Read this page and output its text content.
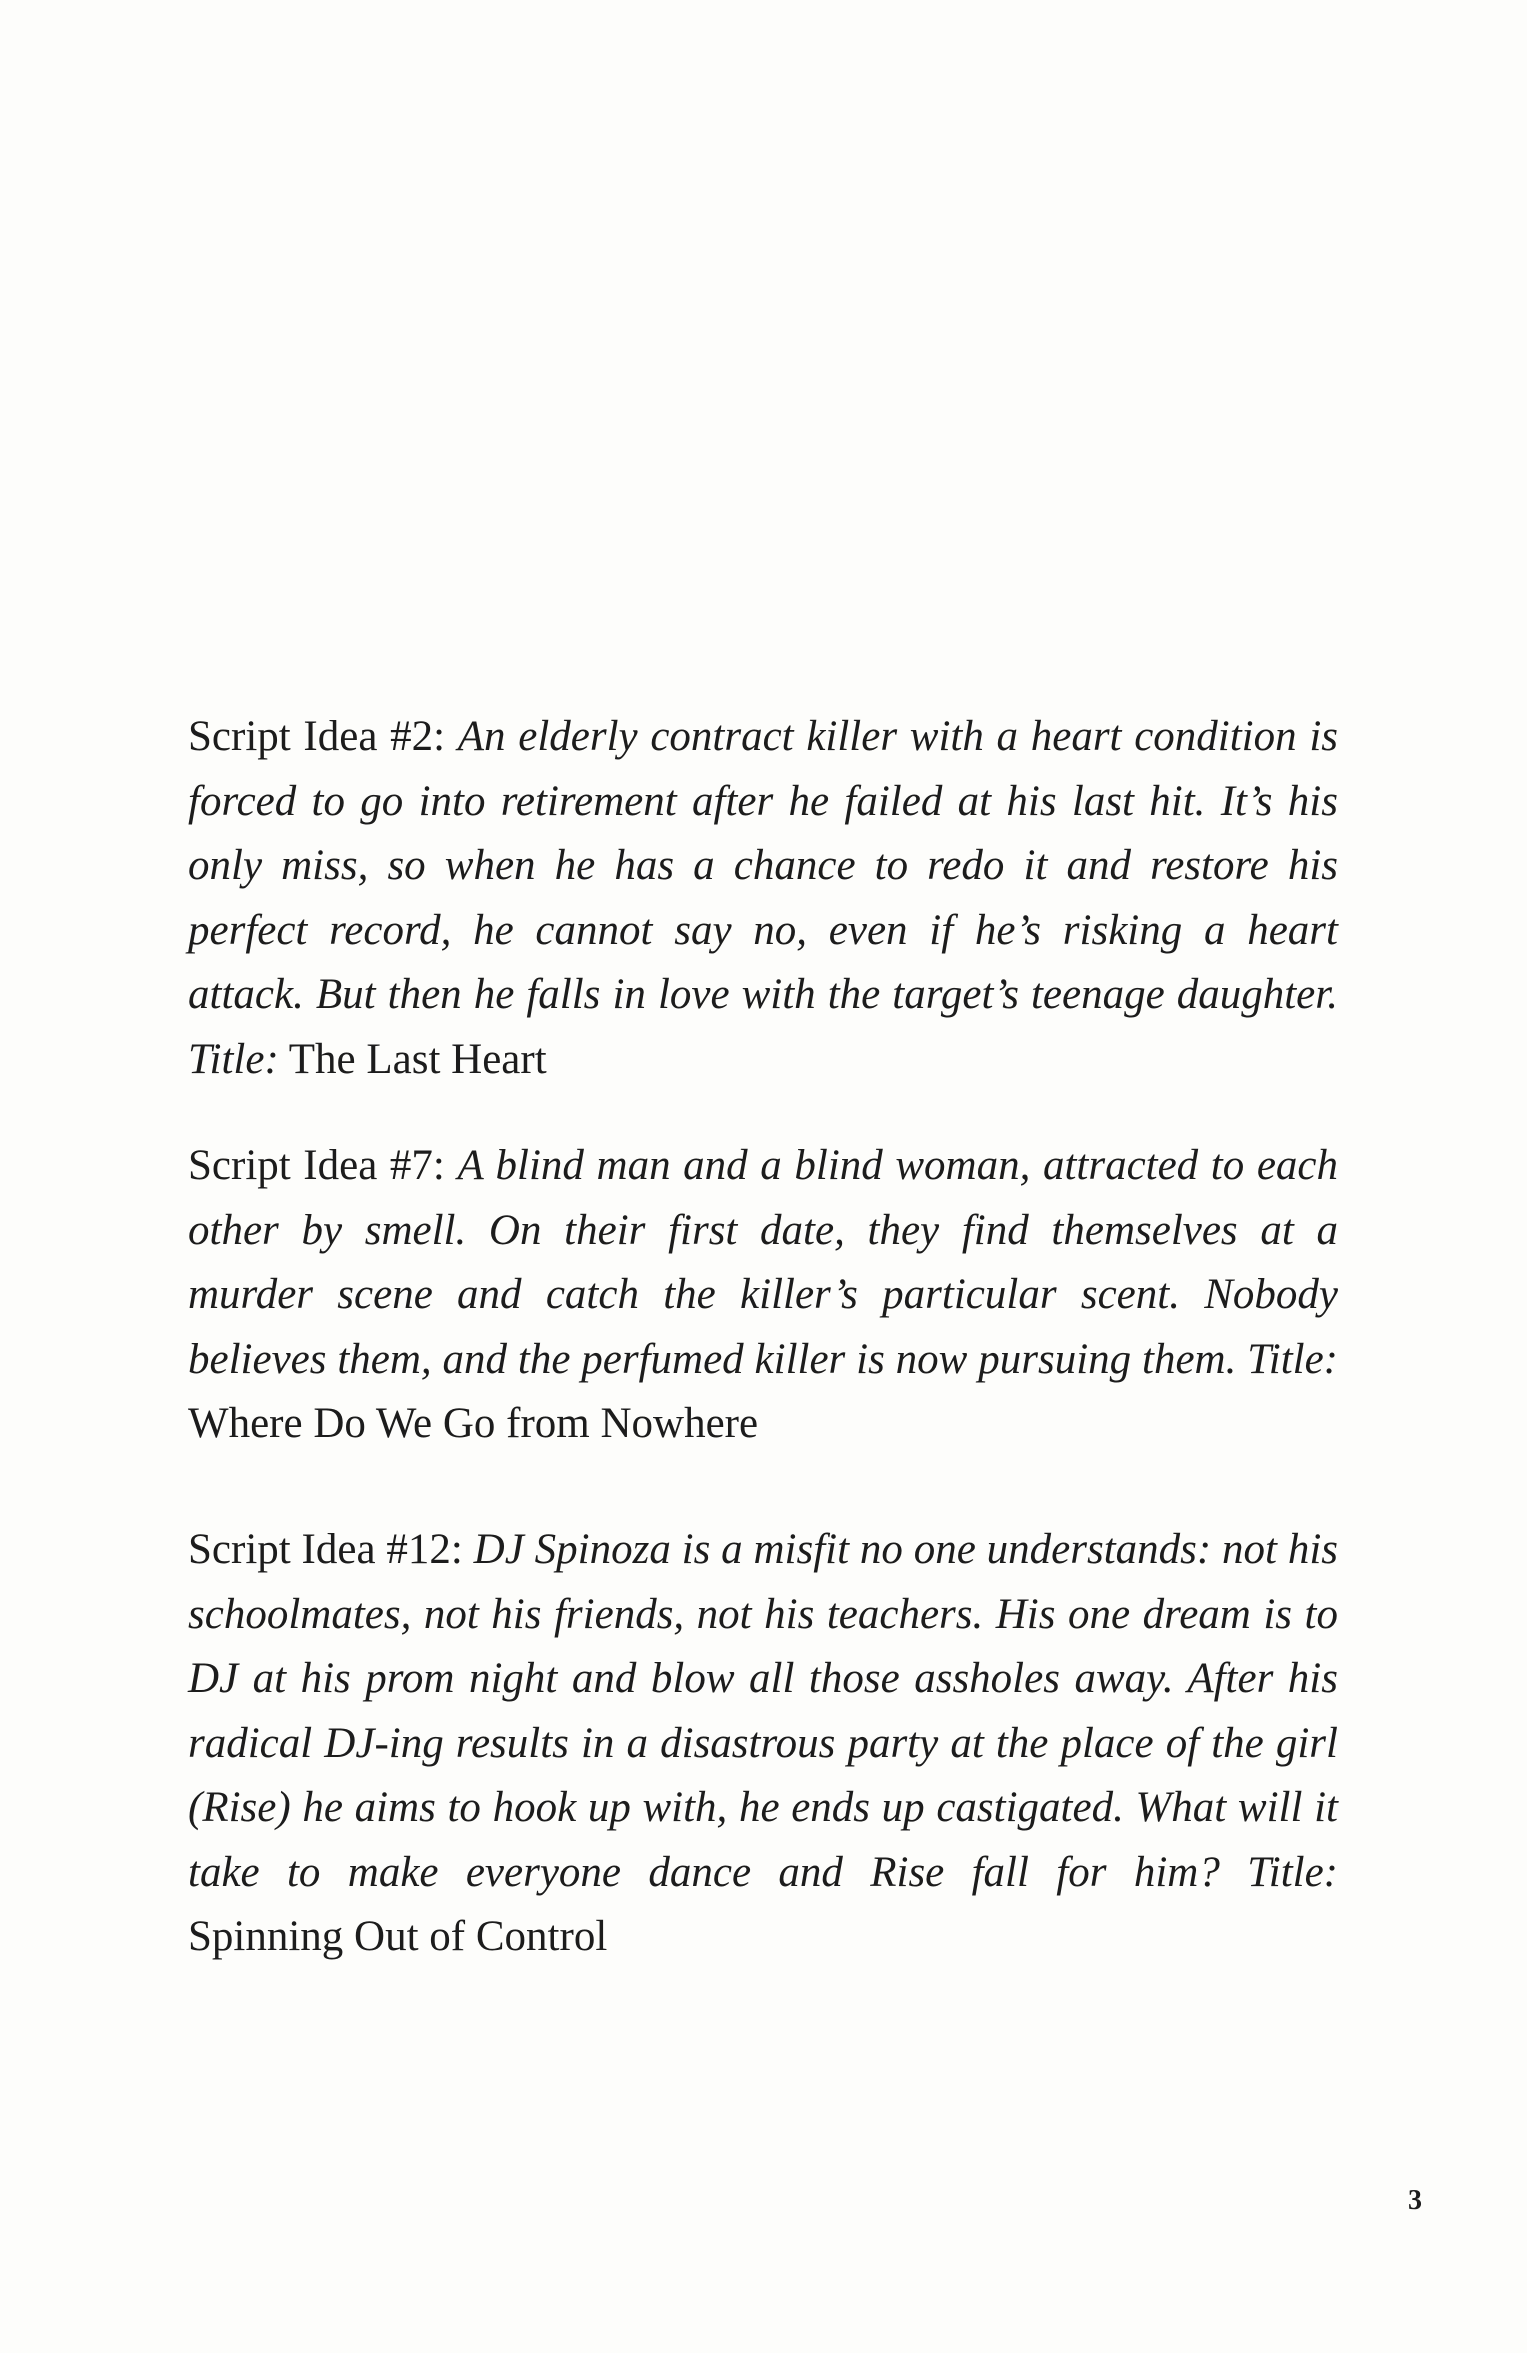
Script Idea #2: An elderly contract killer with a heart condition is forced to go into retirement after he failed at his last hit. It’s his only miss, so when he has a chance to redo it and restore his perfect record, he cannot say no, even if he’s risking a heart attack. But then he falls in love with the target’s teenage daughter. Title: The Last Heart

Script Idea #7: A blind man and a blind woman, attracted to each other by smell. On their first date, they find themselves at a murder scene and catch the killer’s particular scent. Nobody believes them, and the perfumed killer is now pursuing them. Title: Where Do We Go from Nowhere

Script Idea #12: DJ Spinoza is a misfit no one understands: not his schoolmates, not his friends, not his teachers. His one dream is to DJ at his prom night and blow all those assholes away. After his radical DJ-ing results in a disastrous party at the place of the girl (Rise) he aims to hook up with, he ends up castigated. What will it take to make everyone dance and Rise fall for him? Title: Spinning Out of Control

3
